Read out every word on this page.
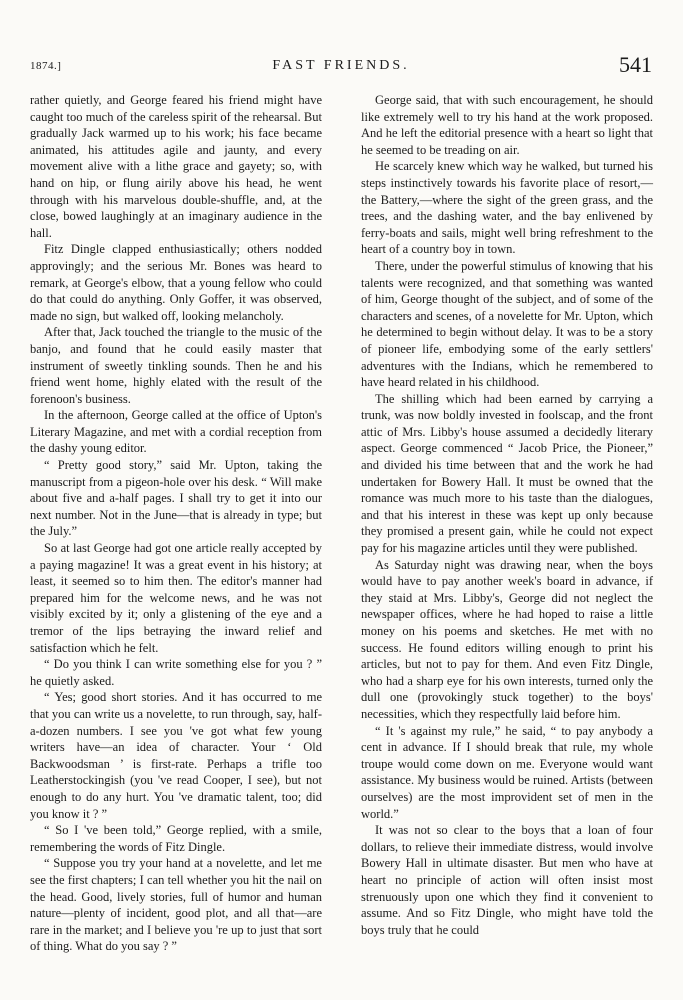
1874.]	FAST FRIENDS.	541

rather quietly, and George feared his friend might have caught too much of the careless spirit of the rehearsal. But gradually Jack warmed up to his work; his face became animated, his attitudes agile and jaunty, and every movement alive with a lithe grace and gayety; so, with hand on hip, or flung airily above his head, he went through with his marvelous double-shuffle, and, at the close, bowed laughingly at an imaginary audience in the hall.

Fitz Dingle clapped enthusiastically; others nodded approvingly; and the serious Mr. Bones was heard to remark, at George's elbow, that a young fellow who could do that could do anything. Only Goffer, it was observed, made no sign, but walked off, looking melancholy.

After that, Jack touched the triangle to the music of the banjo, and found that he could easily master that instrument of sweetly tinkling sounds. Then he and his friend went home, highly elated with the result of the forenoon's business.

In the afternoon, George called at the office of Upton's Literary Magazine, and met with a cordial reception from the dashy young editor.

“ Pretty good story,” said Mr. Upton, taking the manuscript from a pigeon-hole over his desk. “ Will make about five and a-half pages. I shall try to get it into our next number. Not in the June—that is already in type; but the July.”

So at last George had got one article really accepted by a paying magazine! It was a great event in his history; at least, it seemed so to him then. The editor's manner had prepared him for the welcome news, and he was not visibly excited by it; only a glistening of the eye and a tremor of the lips betraying the inward relief and satisfaction which he felt.

“ Do you think I can write something else for you ? ” he quietly asked.

“ Yes; good short stories. And it has occurred to me that you can write us a novelette, to run through, say, half-a-dozen numbers. I see you 've got what few young writers have—an idea of character. Your ‘ Old Backwoodsman ’ is first-rate. Perhaps a trifle too Leatherstockingish (you 've read Cooper, I see), but not enough to do any hurt. You 've dramatic talent, too; did you know it ? ”

“ So I 've been told,” George replied, with a smile, remembering the words of Fitz Dingle.

“ Suppose you try your hand at a novelette, and let me see the first chapters; I can tell whether you hit the nail on the head. Good, lively stories, full of humor and human nature—plenty of incident, good plot, and all that—are rare in the market; and I believe you 're up to just that sort of thing. What do you say ? ”

George said, that with such encouragement, he should like extremely well to try his hand at the work proposed. And he left the editorial presence with a heart so light that he seemed to be treading on air.

He scarcely knew which way he walked, but turned his steps instinctively towards his favorite place of resort,—the Battery,—where the sight of the green grass, and the trees, and the dashing water, and the bay enlivened by ferry-boats and sails, might well bring refreshment to the heart of a country boy in town.

There, under the powerful stimulus of knowing that his talents were recognized, and that something was wanted of him, George thought of the subject, and of some of the characters and scenes, of a novelette for Mr. Upton, which he determined to begin without delay. It was to be a story of pioneer life, embodying some of the early settlers' adventures with the Indians, which he remembered to have heard related in his childhood.

The shilling which had been earned by carrying a trunk, was now boldly invested in foolscap, and the front attic of Mrs. Libby's house assumed a decidedly literary aspect. George commenced “ Jacob Price, the Pioneer,” and divided his time between that and the work he had undertaken for Bowery Hall. It must be owned that the romance was much more to his taste than the dialogues, and that his interest in these was kept up only because they promised a present gain, while he could not expect pay for his magazine articles until they were published.

As Saturday night was drawing near, when the boys would have to pay another week's board in advance, if they staid at Mrs. Libby's, George did not neglect the newspaper offices, where he had hoped to raise a little money on his poems and sketches. He met with no success. He found editors willing enough to print his articles, but not to pay for them. And even Fitz Dingle, who had a sharp eye for his own interests, turned only the dull one (provokingly stuck together) to the boys' necessities, which they respectfully laid before him.

“ It 's against my rule,” he said, “ to pay anybody a cent in advance. If I should break that rule, my whole troupe would come down on me. Everyone would want assistance. My business would be ruined. Artists (between ourselves) are the most improvident set of men in the world.”

It was not so clear to the boys that a loan of four dollars, to relieve their immediate distress, would involve Bowery Hall in ultimate disaster. But men who have at heart no principle of action will often insist most strenuously upon one which they find it convenient to assume. And so Fitz Dingle, who might have told the boys truly that he could
